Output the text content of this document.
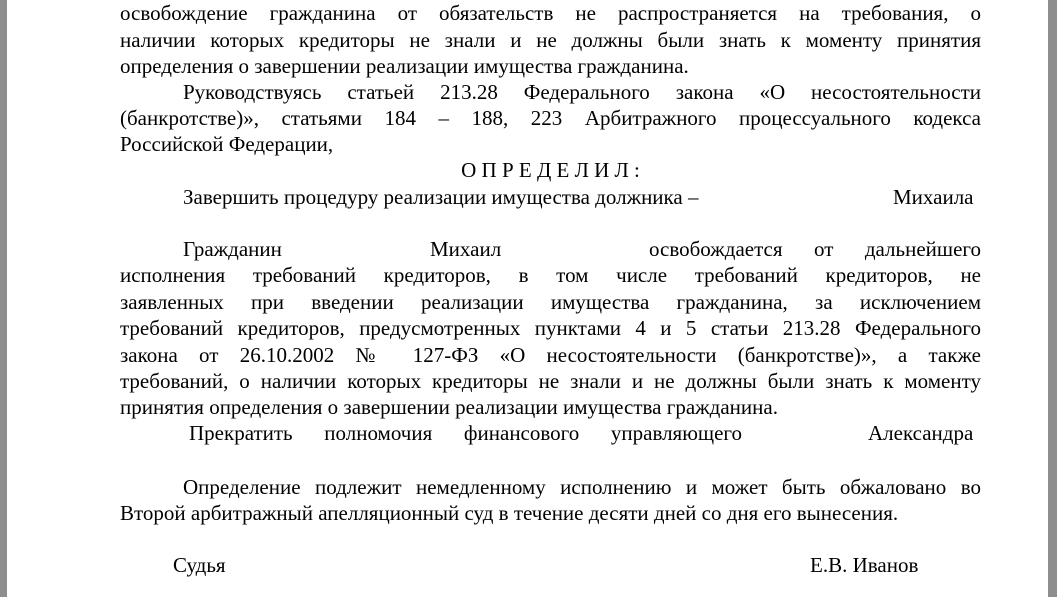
освобождение гражданина от обязательств не распространяется на требования, о
наличии которых кредиторы не знали и не должны были знать к моменту принятия
определения о завершении реализации имущества гражданина.
Руководствуясь статьей 213.28 Федерального закона «О несостоятельности
(банкротстве)», статьями 184 – 188, 223 Арбитражного процессуального кодекса
Российской Федерации,
О П Р Е Д Е Л И Л :
Завершить процедуру реализации имущества должника –	Михаила
Гражданин	Михаил	освобождается от дальнейшего
исполнения требований кредиторов, в том числе требований кредиторов, не
заявленных при введении реализации имущества гражданина, за исключением
требований кредиторов, предусмотренных пунктами 4 и 5 статьи 213.28 Федерального
закона от 26.10.2002 № 127-ФЗ «О несостоятельности (банкротстве)», а также
требований, о наличии которых кредиторы не знали и не должны были знать к моменту
принятия определения о завершении реализации имущества гражданина.
Прекратить полномочия финансового управляющего	Александра
Определение подлежит немедленному исполнению и может быть обжаловано во
Второй арбитражный апелляционный суд в течение десяти дней со дня его вынесения.
Судья	Е.В. Иванов
